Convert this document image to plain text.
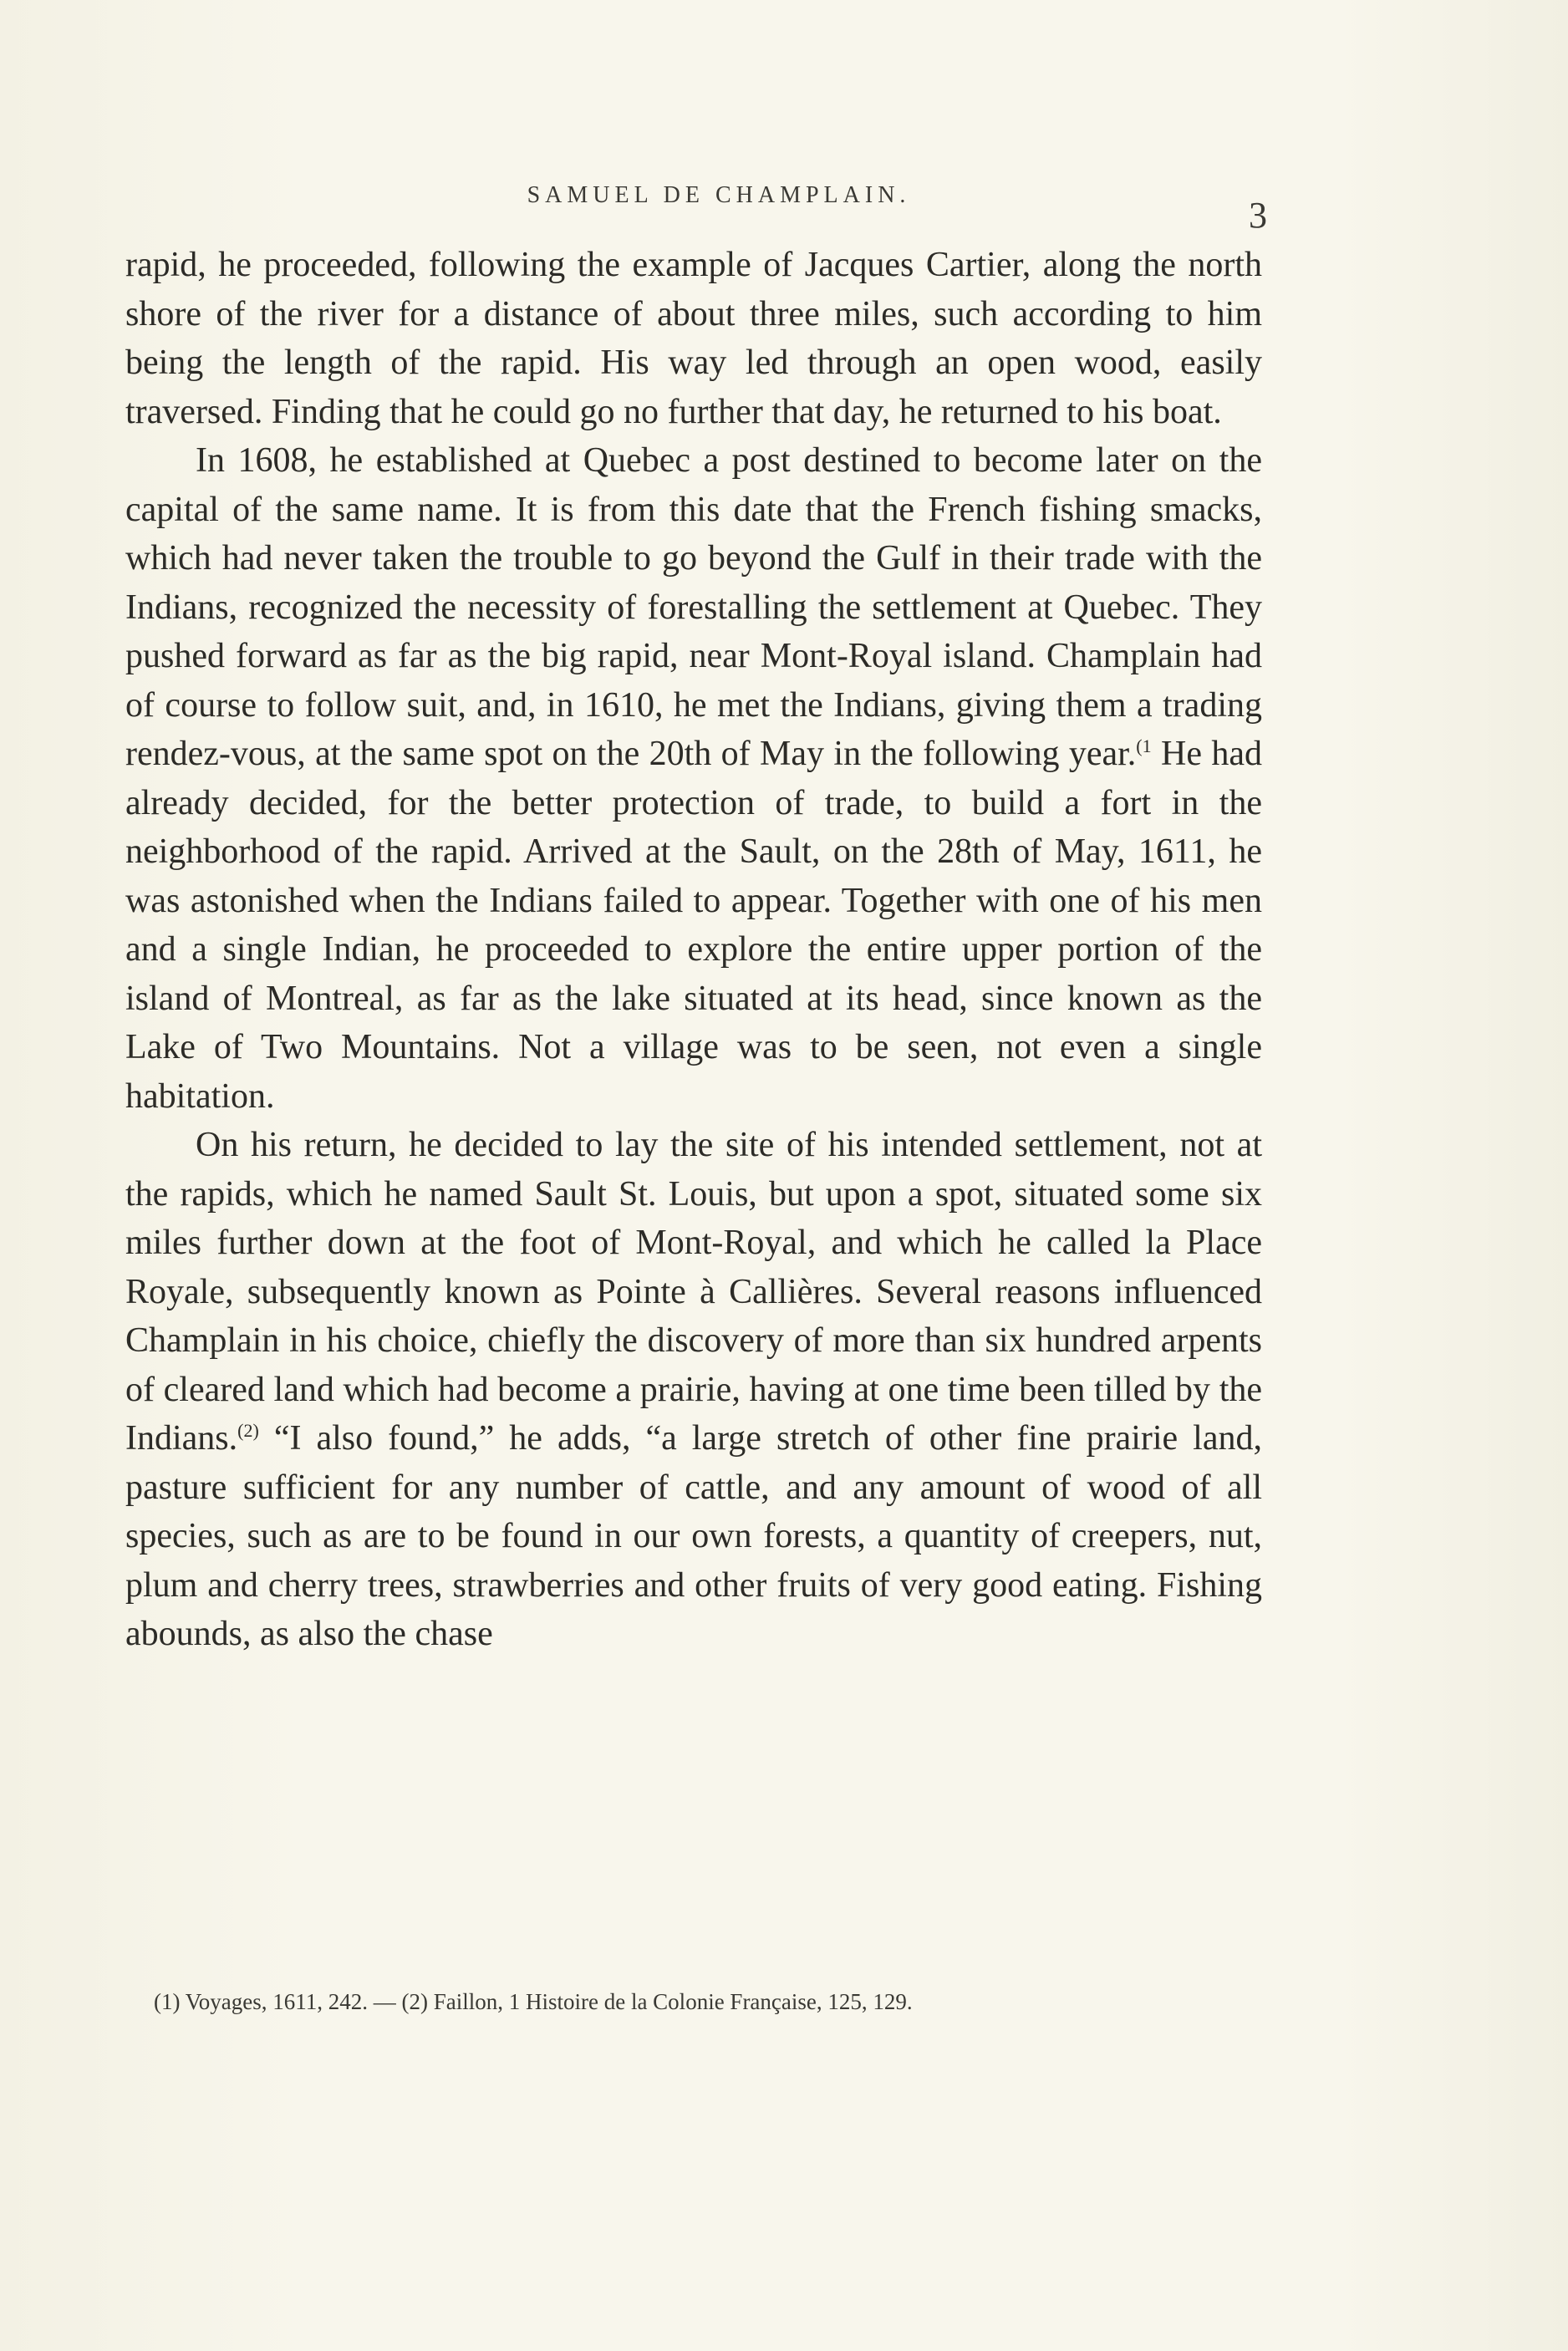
SAMUEL DE CHAMPLAIN.	3

rapid, he proceeded, following the example of Jacques Cartier, along the north shore of the river for a distance of about three miles, such according to him being the length of the rapid. His way led through an open wood, easily traversed. Finding that he could go no further that day, he returned to his boat.

In 1608, he established at Quebec a post destined to become later on the capital of the same name. It is from this date that the French fishing smacks, which had never taken the trouble to go beyond the Gulf in their trade with the Indians, recognized the necessity of forestalling the settlement at Quebec. They pushed forward as far as the big rapid, near Mont-Royal island. Champlain had of course to follow suit, and, in 1610, he met the Indians, giving them a trading rendez-vous, at the same spot on the 20th of May in the following year.$^{(1}$ He had already decided, for the better protection of trade, to build a fort in the neighborhood of the rapid. Arrived at the Sault, on the 28th of May, 1611, he was astonished when the Indians failed to appear. Together with one of his men and a single Indian, he proceeded to explore the entire upper portion of the island of Montreal, as far as the lake situated at its head, since known as the Lake of Two Mountains. Not a village was to be seen, not even a single habitation.

On his return, he decided to lay the site of his intended settlement, not at the rapids, which he named Sault St. Louis, but upon a spot, situated some six miles further down at the foot of Mont-Royal, and which he called la Place Royale, subsequently known as Pointe à Callières. Several reasons influenced Champlain in his choice, chiefly the discovery of more than six hundred arpents of cleared land which had become a prairie, having at one time been tilled by the Indians.$^{(2)}$ “I also found,” he adds, “a large stretch of other fine prairie land, pasture sufficient for any number of cattle, and any amount of wood of all species, such as are to be found in our own forests, a quantity of creepers, nut, plum and cherry trees, strawberries and other fruits of very good eating. Fishing abounds, as also the chase

(1) Voyages, 1611, 242. — (2) Faillon, 1 Histoire de la Colonie Française, 125, 129.
